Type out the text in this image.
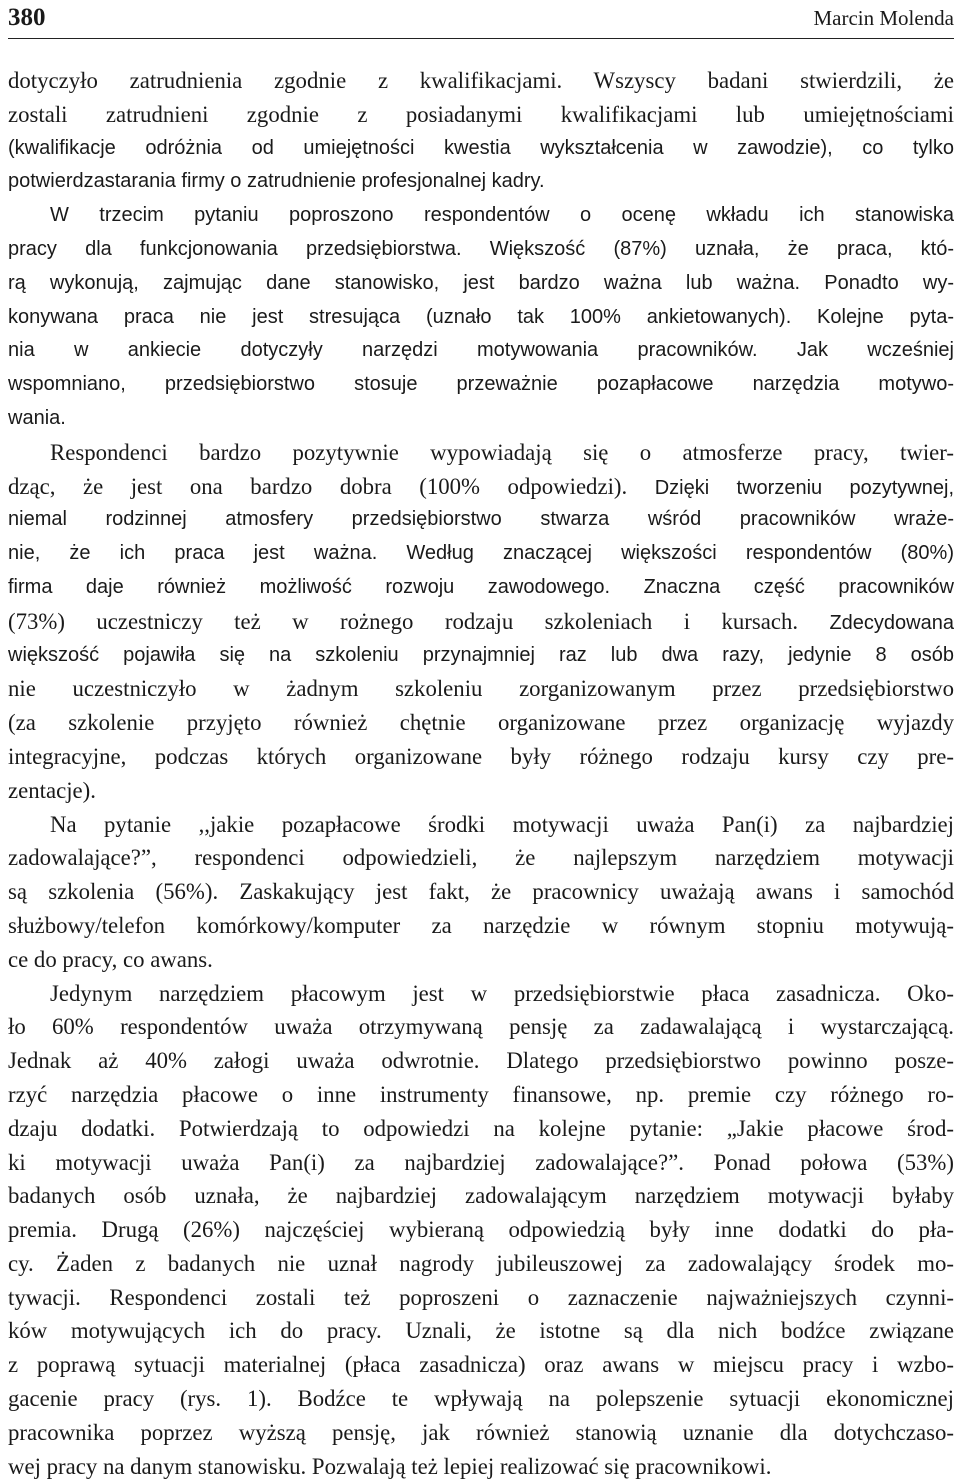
380	Marcin Molenda
dotyczyło zatrudnienia zgodnie z kwalifikacjami. Wszyscy badani stwierdzili, że
zostali zatrudnieni zgodnie z posiadanymi kwalifikacjami lub umiejętnościami
(kwalifikacje odróżnia od umiejętności kwestia wykształcenia w zawodzie), co tylko
potwierdzastarania firmy o zatrudnienie profesjonalnej kadry.
W trzecim pytaniu poproszono respondentów o ocenę wkładu ich stanowiska
pracy dla funkcjonowania przedsiębiorstwa. Większość (87%) uznała, że praca, któ-
rą wykonują, zajmując dane stanowisko, jest bardzo ważna lub ważna. Ponadto wy-
konywana praca nie jest stresująca (uznało tak 100% ankietowanych). Kolejne pyta-
nia w ankiecie dotyczyły narzędzi motywowania pracowników. Jak wcześniej
wspomniano, przedsiębiorstwo stosuje przeważnie pozapłacowe narzędzia motywo-
wania.
Respondenci bardzo pozytywnie wypowiadają się o atmosferze pracy, twier-
dząc, że jest ona bardzo dobra (100% odpowiedzi). Dzięki tworzeniu pozytywnej,
niemal rodzinnej atmosfery przedsiębiorstwo stwarza wśród pracowników wraże-
nie, że ich praca jest ważna. Według znaczącej większości respondentów (80%)
firma daje również możliwość rozwoju zawodowego. Znaczna część pracowników
(73%) uczestniczy też w rożnego rodzaju szkoleniach i kursach. Zdecydowana
większość pojawiła się na szkoleniu przynajmniej raz lub dwa razy, jedynie 8 osób
nie uczestniczyło w żadnym szkoleniu zorganizowanym przez przedsiębiorstwo
(za szkolenie przyjęto również chętnie organizowane przez organizację wyjazdy
integracyjne, podczas których organizowane były różnego rodzaju kursy czy pre-
zentacje).
Na pytanie ,,jakie pozapłacowe środki motywacji uważa Pan(i) za najbardziej
zadowalające?”, respondenci odpowiedzieli, że najlepszym narzędziem motywacji
są szkolenia (56%). Zaskakujący jest fakt, że pracownicy uważają awans i samochód
służbowy/telefon komórkowy/komputer za narzędzie w równym stopniu motywują-
ce do pracy, co awans.
Jedynym narzędziem płacowym jest w przedsiębiorstwie płaca zasadnicza. Oko-
ło 60% respondentów uważa otrzymywaną pensję za zadawalającą i wystarczającą.
Jednak aż 40% załogi uważa odwrotnie. Dlatego przedsiębiorstwo powinno posze-
rzyć narzędzia płacowe o inne instrumenty finansowe, np. premie czy różnego ro-
dzaju dodatki. Potwierdzają to odpowiedzi na kolejne pytanie: „Jakie płacowe środ-
ki motywacji uważa Pan(i) za najbardziej zadowalające?”. Ponad połowa (53%)
badanych osób uznała, że najbardziej zadowalającym narzędziem motywacji byłaby
premia. Drugą (26%) najczęściej wybieraną odpowiedzią były inne dodatki do pła-
cy. Żaden z badanych nie uznał nagrody jubileuszowej za zadowalający środek mo-
tywacji. Respondenci zostali też poproszeni o zaznaczenie najważniejszych czynni-
ków motywujących ich do pracy. Uznali, że istotne są dla nich bodźce związane
z poprawą sytuacji materialnej (płaca zasadnicza) oraz awans w miejscu pracy i wzbo-
gacenie pracy (rys. 1). Bodźce te wpływają na polepszenie sytuacji ekonomicznej
pracownika poprzez wyższą pensję, jak również stanowią uznanie dla dotychczaso-
wej pracy na danym stanowisku. Pozwalają też lepiej realizować się pracownikowi.
